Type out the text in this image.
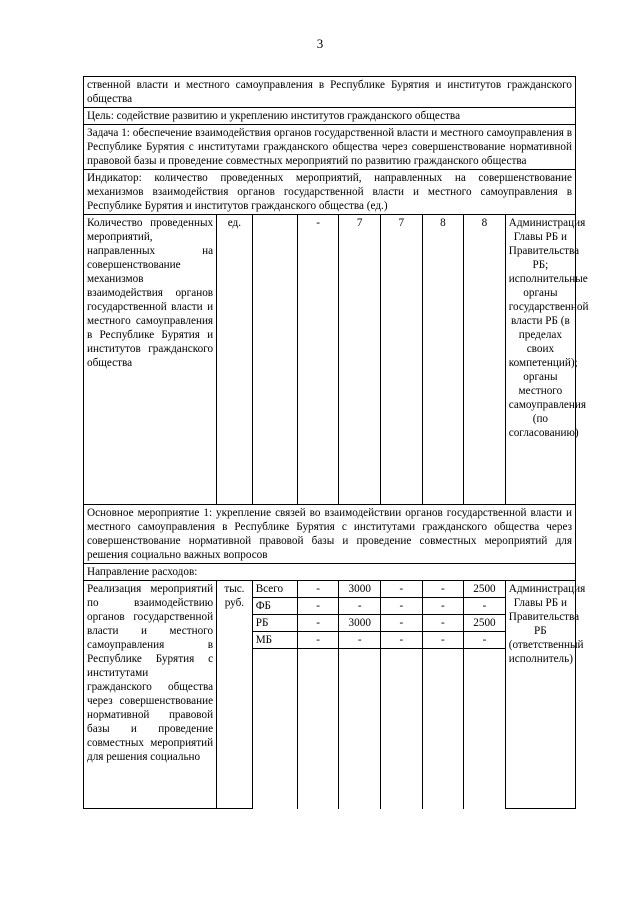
3
ственной власти и местного самоуправления в Республике Бурятия и институтов гражданского общества								
Цель: содействие развитию и укреплению институтов гражданского общества								
Задача 1: обеспечение взаимодействия органов государственной власти и местного самоуправления в Республике Бурятия с институтами гражданского общества через совершенствование нормативной правовой базы и проведение совместных мероприятий по развитию гражданского общества								
Индикатор: количество проведенных мероприятий, направленных на совершенствование механизмов взаимодействия органов государственной власти и местного самоуправления в Республике Бурятия и институтов гражданского общества (ед.)								
Количество проведенных мероприятий, направленных на совершенствование механизмов взаимодействия органов государственной власти и местного самоуправления в Республике Бурятия и институтов гражданского общества	ед.		-	7	7	8	8	Администрация Главы РБ и Правительства РБ; исполнительные органы государственной власти РБ (в пределах своих компетенций); органы местного самоуправления (по согласованию)
Основное мероприятие 1: укрепление связей во взаимодействии органов государственной власти и местного самоуправления в Республике Бурятия с институтами гражданского общества через совершенствование нормативной правовой базы и проведение совместных мероприятий для решения социально важных вопросов								
Направление расходов:								
Реализация мероприятий по взаимодействию органов государственной власти и местного самоуправления в Республике Бурятия с институтами гражданского общества через совершенствование нормативной правовой базы и проведение совместных мероприятий для решения социально	тыс. руб.	Всего	-	3000	-	-	2500	Администрация Главы РБ и Правительства РБ (ответственный исполнитель)
		ФБ	-	-	-	-	-	
		РБ	-	3000	-	-	2500	
		МБ	-	-	-	-	-	
